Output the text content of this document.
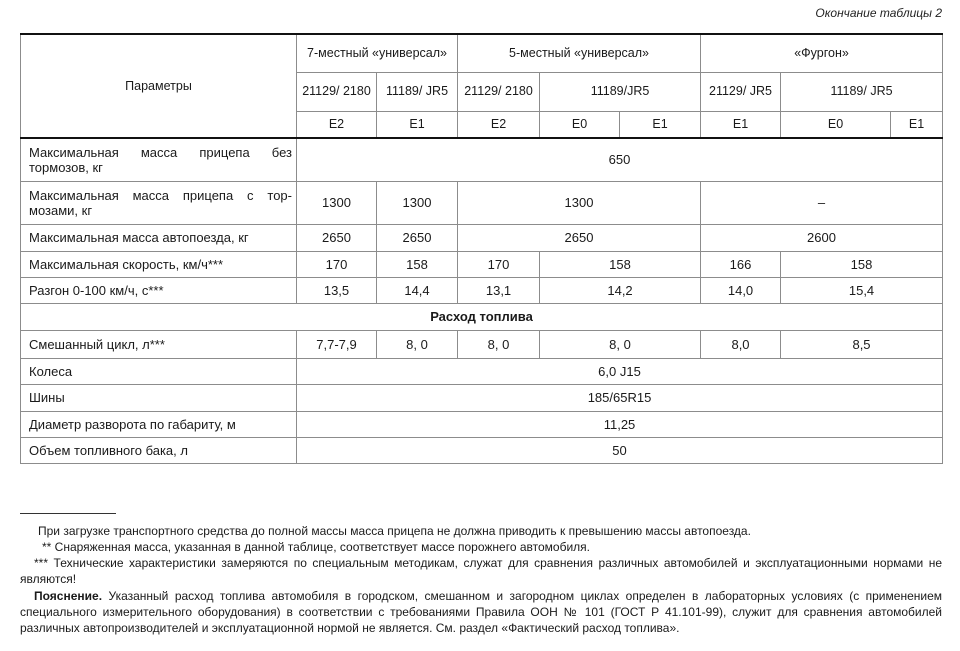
Окончание таблицы 2
Параметры	7-местный «универсал»		5-местный «универсал»			«Фургон»		
	21129/ 2180	11189/ JR5	21129/ 2180	11189/JR5		21129/ JR5	11189/ JR5	
	E2	E1	E2	E0	E1	E1	E0	E1
Максимальная масса прицепа без тормозов, кг	650							
Максимальная масса прицепа с тор-мозами, кг	1300	1300	1300			–		
Максимальная масса автопоезда, кг	2650	2650	2650			2600		
Максимальная скорость, км/ч***	170	158	170	158		166	158	
Разгон 0-100 км/ч, с***	13,5	14,4	13,1	14,2		14,0	15,4	
Расход топлива								
Смешанный цикл, л***	7,7-7,9	8, 0	8, 0	8, 0		8,0	8,5	
Колеса	6,0 J15							
Шины	185/65R15							
Диаметр разворота по габариту, м	11,25							
Объем топливного бака, л	50							

При загрузке транспортного средства до полной массы масса прицепа не должна приводить к превышению массы автопоезда.

** Снаряженная масса, указанная в данной таблице, соответствует массе порожнего автомобиля.

*** Технические характеристики замеряются по специальным методикам, служат для сравнения различных автомобилей и эксплуатационными нормами не являются!

Пояснение. Указанный расход топлива автомобиля в городском, смешанном и загородном циклах определен в лабораторных условиях (с применением специального измерительного оборудования) в соответствии с требованиями Правила ООН № 101 (ГОСТ Р 41.101-99), служит для сравнения автомобилей различных автопроизводителей и эксплуатационной нормой не является. См. раздел «Фактический расход топлива».
